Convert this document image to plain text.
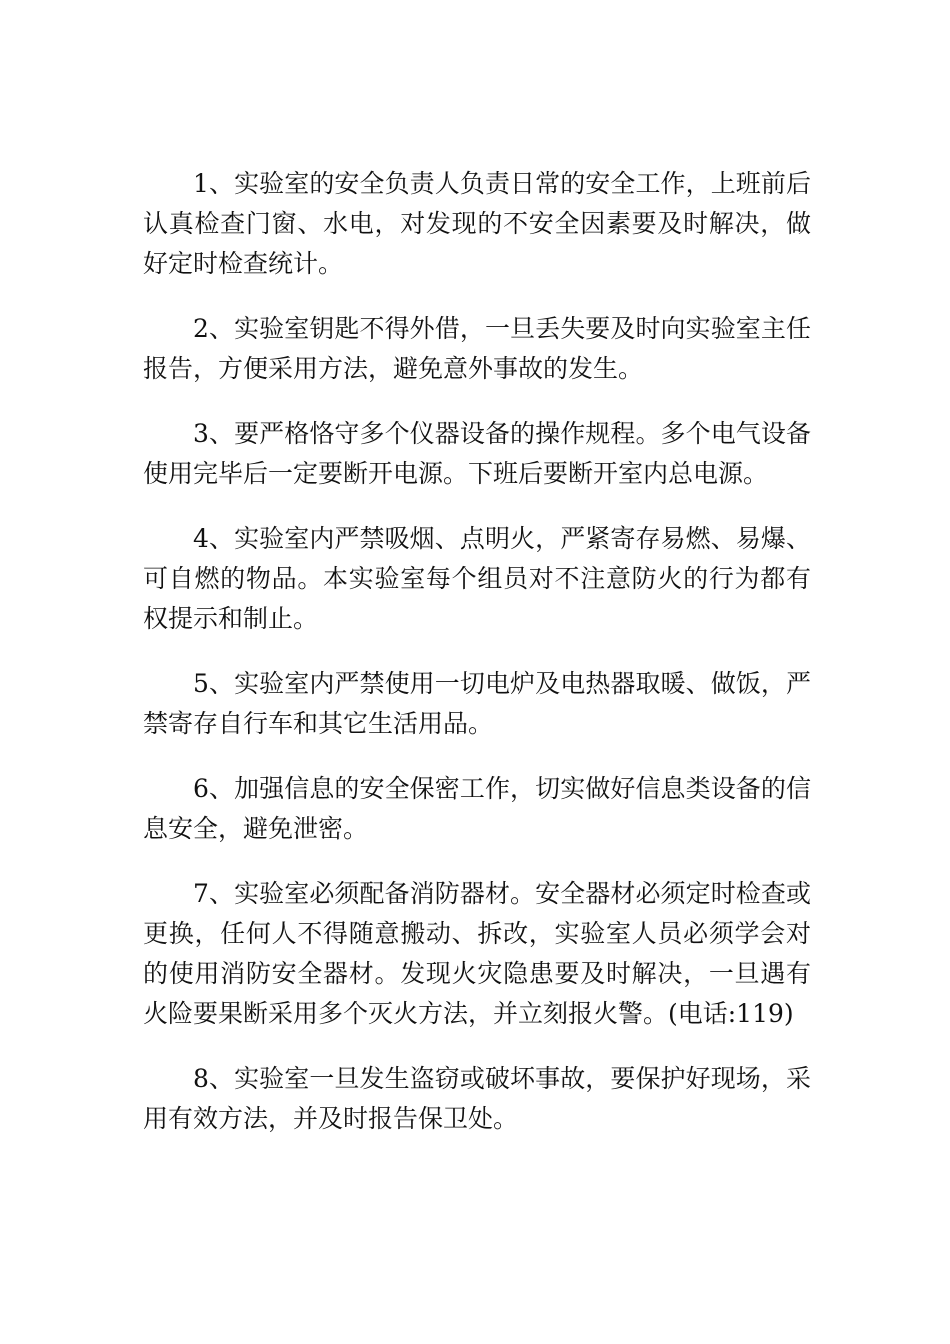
1、实验室的安全负责人负责日常的安全工作，上班前后认真检查门窗、水电，对发现的不安全因素要及时解决，做好定时检查统计。

2、实验室钥匙不得外借，一旦丢失要及时向实验室主任报告，方便采用方法，避免意外事故的发生。

3、要严格恪守多个仪器设备的操作规程。多个电气设备使用完毕后一定要断开电源。下班后要断开室内总电源。

4、实验室内严禁吸烟、点明火，严紧寄存易燃、易爆、可自燃的物品。本实验室每个组员对不注意防火的行为都有权提示和制止。

5、实验室内严禁使用一切电炉及电热器取暖、做饭，严禁寄存自行车和其它生活用品。

6、加强信息的安全保密工作，切实做好信息类设备的信息安全，避免泄密。

7、实验室必须配备消防器材。安全器材必须定时检查或更换，任何人不得随意搬动、拆改，实验室人员必须学会对的使用消防安全器材。发现火灾隐患要及时解决，一旦遇有火险要果断采用多个灭火方法，并立刻报火警。(电话:119)

8、实验室一旦发生盗窃或破坏事故，要保护好现场，采用有效方法，并及时报告保卫处。
